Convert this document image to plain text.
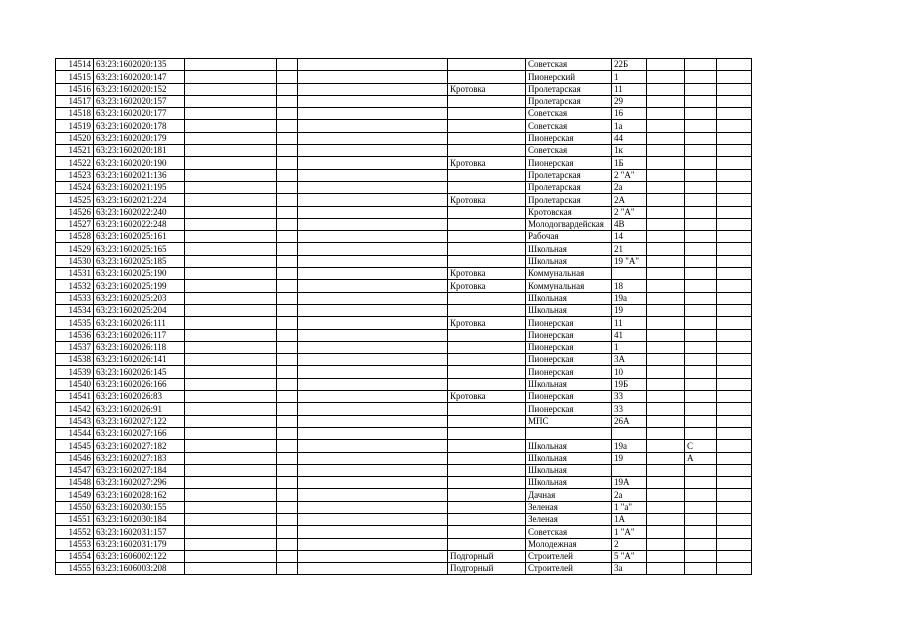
14514	63:23:1602020:135					Советская	22Б			
14515	63:23:1602020:147					Пионерский	1			
14516	63:23:1602020:152				Кротовка	Пролетарская	11			
14517	63:23:1602020:157					Пролетарская	29			
14518	63:23:1602020:177					Советская	16			
14519	63:23:1602020:178					Советская	1а			
14520	63:23:1602020:179					Пионерская	44			
14521	63:23:1602020:181					Советская	1к			
14522	63:23:1602020:190				Кротовка	Пионерская	1Б			
14523	63:23:1602021:136					Пролетарская	2 "А"			
14524	63:23:1602021:195					Пролетарская	2а			
14525	63:23:1602021:224				Кротовка	Пролетарская	2А			
14526	63:23:1602022:240					Кротовская	2 "А"			
14527	63:23:1602022:248					Молодогвардейская	4В			
14528	63:23:1602025:161					Рабочая	14			
14529	63:23:1602025:165					Школьная	21			
14530	63:23:1602025:185					Школьная	19 "А"			
14531	63:23:1602025:190				Кротовка	Коммунальная				
14532	63:23:1602025:199				Кротовка	Коммунальная	18			
14533	63:23:1602025:203					Школьная	19а			
14534	63:23:1602025:204					Школьная	19			
14535	63:23:1602026:111				Кротовка	Пионерская	11			
14536	63:23:1602026:117					Пионерская	41			
14537	63:23:1602026:118					Пионерская	1			
14538	63:23:1602026:141					Пионерская	3А			
14539	63:23:1602026:145					Пионерская	10			
14540	63:23:1602026:166					Школьная	19Б			
14541	63:23:1602026:83				Кротовка	Пионерская	33			
14542	63:23:1602026:91					Пионерская	33			
14543	63:23:1602027:122					МПС	26А			
14544	63:23:1602027:166			

14545	63:23:1602027:182					Школьная	19а		С	
14546	63:23:1602027:183					Школьная	19		А	
14547	63:23:1602027:184					Школьная				
14548	63:23:1602027:296					Школьная	19А			
14549	63:23:1602028:162					Дачная	2а			
14550	63:23:1602030:155					Зеленая	1 "а"			
14551	63:23:1602030:184					Зеленая	1А			
14552	63:23:1602031:157					Советская	1 "А"			
14553	63:23:1602031:179					Молодежная	2			
14554	63:23:1606002:122				Подгорный	Строителей	5 "А"			
14555	63:23:1606003:208				Подгорный	Строителей	3а			
